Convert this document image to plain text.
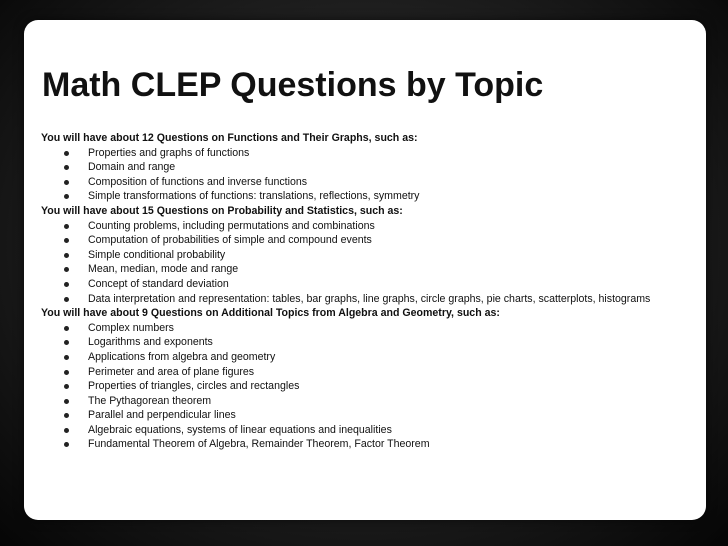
Math CLEP Questions by Topic
You will have about 12 Questions on Functions and Their Graphs, such as:
Properties and graphs of functions
Domain and range
Composition of functions and inverse functions
Simple transformations of functions: translations, reflections, symmetry
You will have about 15 Questions on Probability and Statistics, such as:
Counting problems, including permutations and combinations
Computation of probabilities of simple and compound events
Simple conditional probability
Mean, median, mode and range
Concept of standard deviation
Data interpretation and representation: tables, bar graphs, line graphs, circle graphs, pie charts, scatterplots, histograms
You will have about 9 Questions on Additional Topics from Algebra and Geometry, such as:
Complex numbers
Logarithms and exponents
Applications from algebra and geometry
Perimeter and area of plane figures
Properties of triangles, circles and rectangles
The Pythagorean theorem
Parallel and perpendicular lines
Algebraic equations, systems of linear equations and inequalities
Fundamental Theorem of Algebra, Remainder Theorem, Factor Theorem
